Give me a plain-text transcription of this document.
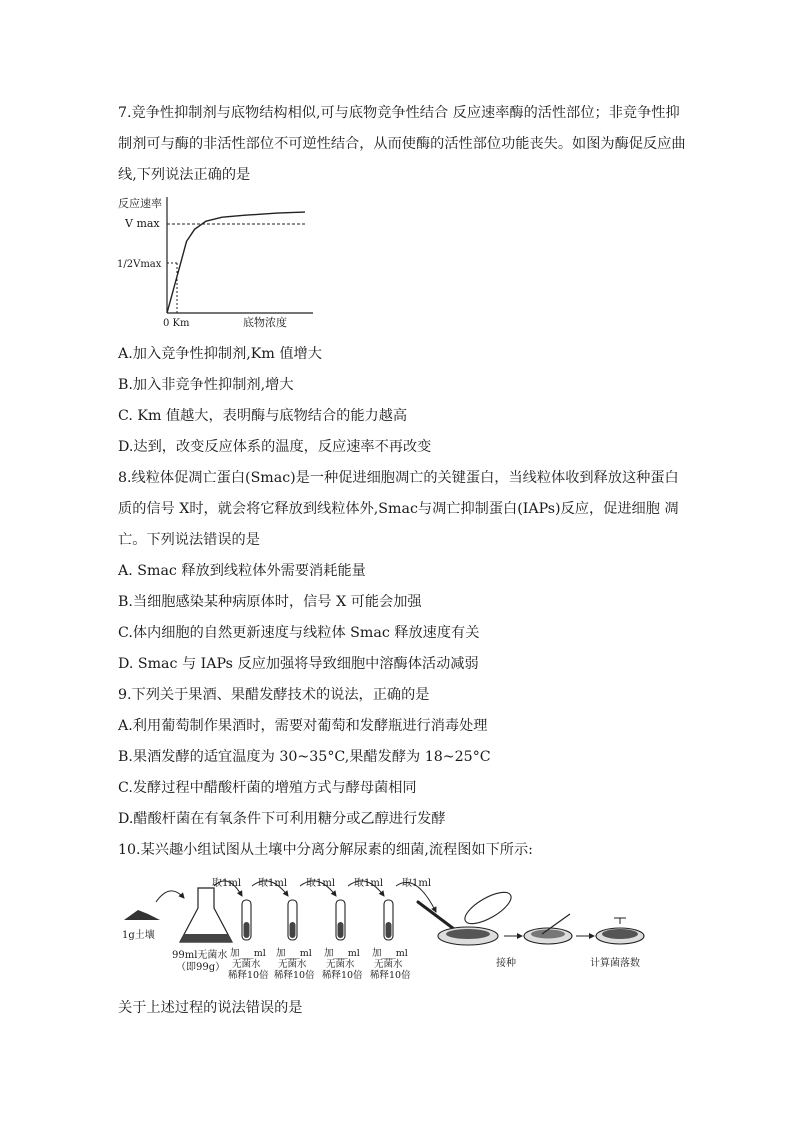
7.竞争性抑制剂与底物结构相似,可与底物竞争性结合 反应速率酶的活性部位；非竞争性抑
制剂可与酶的非活性部位不可逆性结合，从而使酶的活性部位功能丧失。如图为酶促反应曲
线,下列说法正确的是
反应速率
V max
1/2Vmax
0 Km	底物浓度
A.加入竞争性抑制剂,Km 值增大
B.加入非竞争性抑制剂,增大
C. Km 值越大，表明酶与底物结合的能力越高
D.达到，改变反应体系的温度，反应速率不再改变
8.线粒体促凋亡蛋白(Smac)是一种促进细胞凋亡的关键蛋白，当线粒体收到释放这种蛋白
质的信号 X时，就会将它释放到线粒体外,Smac与凋亡抑制蛋白(IAPs)反应，促进细胞 凋
亡。下列说法错误的是
A. Smac 释放到线粒体外需要消耗能量
B.当细胞感染某种病原体时，信号 X 可能会加强
C.体内细胞的自然更新速度与线粒体 Smac 释放速度有关
D. Smac 与 IAPs 反应加强将导致细胞中溶酶体活动减弱
9.下列关于果酒、果醋发酵技术的说法，正确的是
A.利用葡萄制作果酒时，需要对葡萄和发酵瓶进行消毒处理
B.果酒发酵的适宜温度为 30~35°C,果醋发酵为 18~25°C
C.发酵过程中醋酸杆菌的增殖方式与酵母菌相同
D.醋酸杆菌在有氧条件下可利用糖分或乙醇进行发酵
10.某兴趣小组试图从土壤中分离分解尿素的细菌,流程图如下所示:
1g土壤
99ml无菌水
（即99g）
取1ml 取1ml 取1ml 取1ml 取1ml
加___ml
无菌水
稀释10倍
加___ml
无菌水
稀释10倍
加___ml
无菌水
稀释10倍
加___ml
无菌水
稀释10倍
接种	计算菌落数
关于上述过程的说法错误的是
